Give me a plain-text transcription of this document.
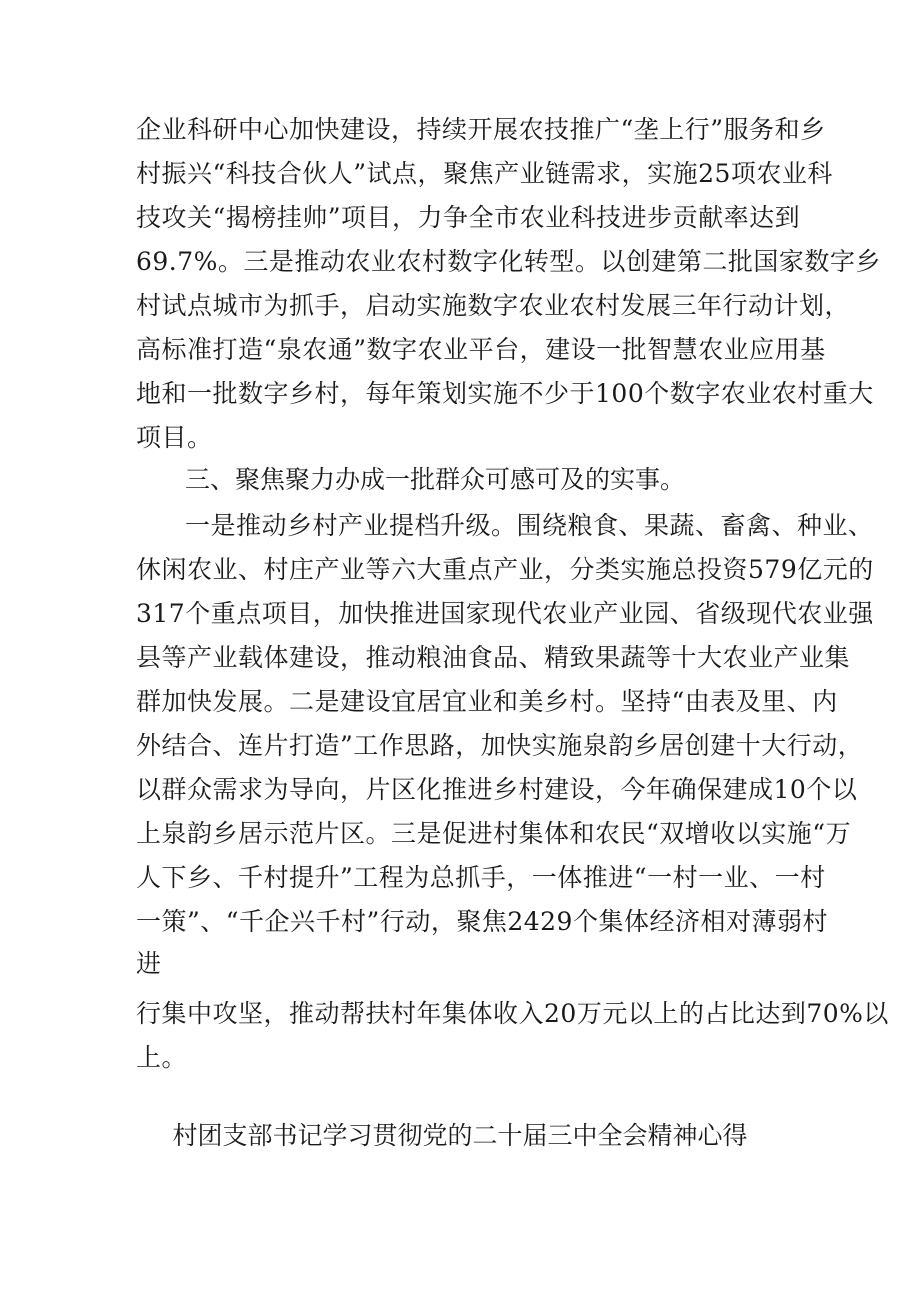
企业科研中心加快建设，持续开展农技推广“垄上行”服务和乡
村振兴“科技合伙人”试点，聚焦产业链需求，实施25项农业科
技攻关“揭榜挂帅”项目，力争全市农业科技进步贡献率达到
69.7%。三是推动农业农村数字化转型。以创建第二批国家数字乡
村试点城市为抓手，启动实施数字农业农村发展三年行动计划，
高标准打造“泉农通”数字农业平台，建设一批智慧农业应用基
地和一批数字乡村，每年策划实施不少于100个数字农业农村重大
项目。
三、聚焦聚力办成一批群众可感可及的实事。
一是推动乡村产业提档升级。围绕粮食、果蔬、畜禽、种业、
休闲农业、村庄产业等六大重点产业，分类实施总投资579亿元的
317个重点项目，加快推进国家现代农业产业园、省级现代农业强
县等产业载体建设，推动粮油食品、精致果蔬等十大农业产业集
群加快发展。二是建设宜居宜业和美乡村。坚持“由表及里、内
外结合、连片打造”工作思路，加快实施泉韵乡居创建十大行动，
以群众需求为导向，片区化推进乡村建设，今年确保建成10个以
上泉韵乡居示范片区。三是促进村集体和农民“双增收以实施“万
人下乡、千村提升”工程为总抓手，一体推进“一村一业、一村
一策”、“千企兴千村”行动，聚焦2429个集体经济相对薄弱村
进
行集中攻坚，推动帮扶村年集体收入20万元以上的占比达到70%以
上。
村团支部书记学习贯彻党的二十届三中全会精神心得
